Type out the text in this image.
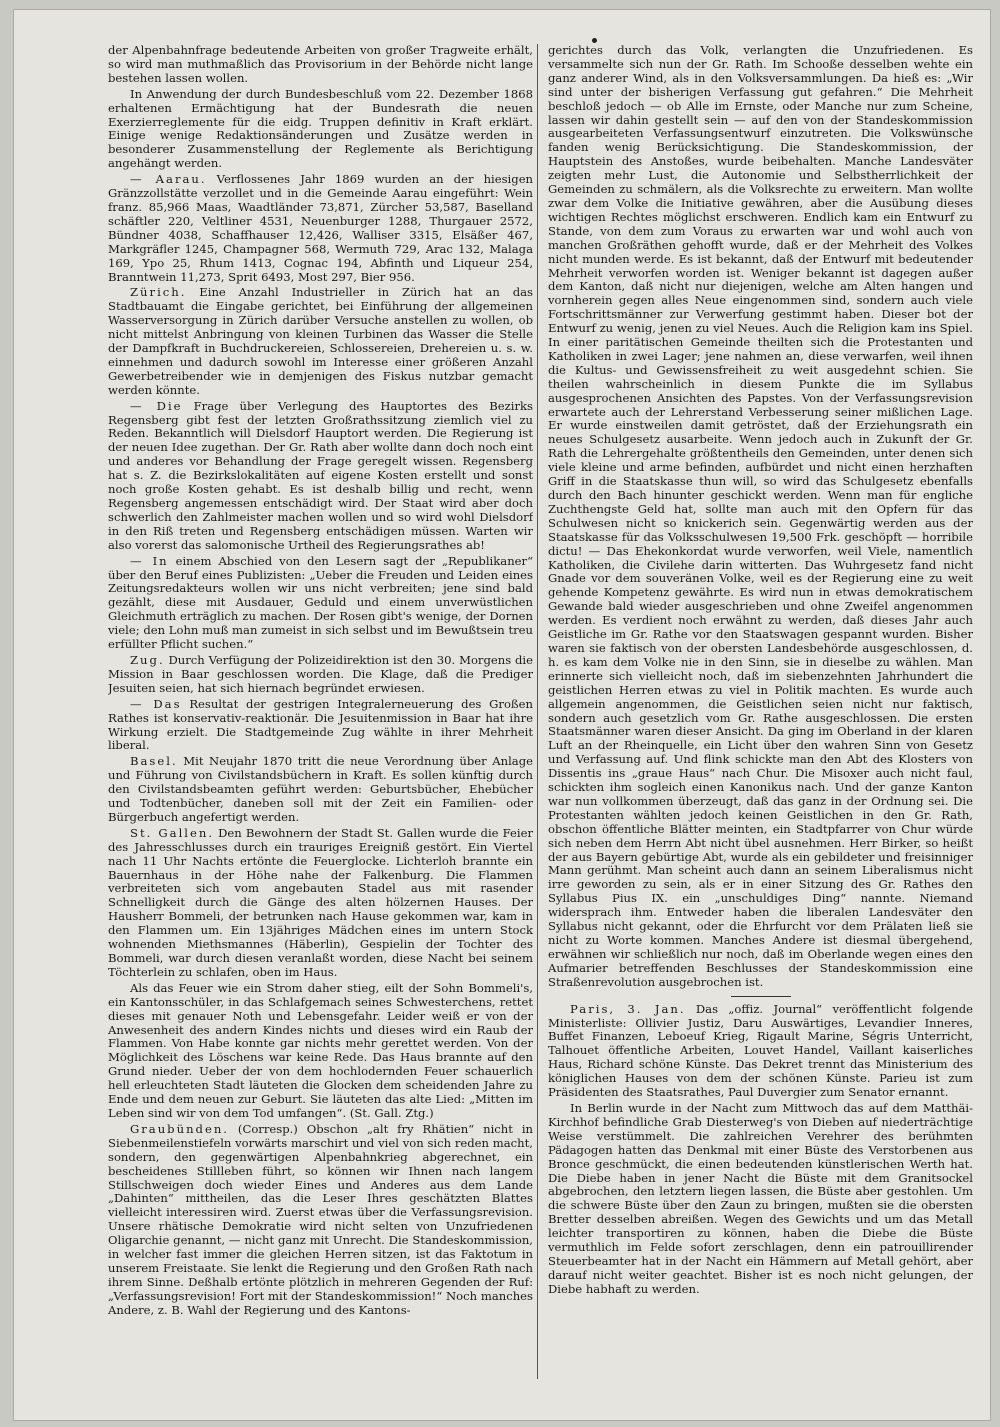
der Alpenbahnfrage bedeutende Arbeiten von großer Tragweite erhält, so wird man muthmaßlich das Provisorium in der Behörde nicht lange bestehen lassen wollen.

In Anwendung der durch Bundesbeschluß vom 22. Dezember 1868 erhaltenen Ermächtigung hat der Bundesrath die neuen Exerzierreglemente für die eidg. Truppen definitiv in Kraft erklärt. Einige wenige Redaktionsänderungen und Zusätze werden in besonderer Zusammenstellung der Reglemente als Berichtigung angehängt werden.

— Aarau. Verflossenes Jahr 1869 wurden an der hiesigen Gränzzollstätte verzollet und in die Gemeinde Aarau eingeführt: Wein franz. 85,966 Maas, Waadtländer 73,871, Zürcher 53,587, Baselland schäftler 220, Veltliner 4531, Neuenburger 1288, Thurgauer 2572, Bündner 4038, Schaffhauser 12,426, Walliser 3315, Elsäßer 467, Markgräfler 1245, Champagner 568, Wermuth 729, Arac 132, Malaga 169, Ypo 25, Rhum 1413, Cognac 194, Abfinth und Liqueur 254, Branntwein 11,273, Sprit 6493, Most 297, Bier 956.

Zürich. Eine Anzahl Industrieller in Zürich hat an das Stadtbauamt die Eingabe gerichtet, bei Einführung der allgemeinen Wasserversorgung in Zürich darüber Versuche anstellen zu wollen, ob nicht mittelst Anbringung von kleinen Turbinen das Wasser die Stelle der Dampfkraft in Buchdruckereien, Schlossereien, Drehereien u. s. w. einnehmen und dadurch sowohl im Interesse einer größeren Anzahl Gewerbetreibender wie in demjenigen des Fiskus nutzbar gemacht werden könnte.

— Die Frage über Verlegung des Hauptortes des Bezirks Regensberg gibt fest der letzten Großrathssitzung ziemlich viel zu Reden. Bekanntlich will Dielsdorf Hauptort werden. Die Regierung ist der neuen Idee zugethan. Der Gr. Rath aber wollte dann doch noch eint und anderes vor Behandlung der Frage geregelt wissen. Regensberg hat s. Z. die Bezirkslokalitäten auf eigene Kosten erstellt und sonst noch große Kosten gehabt. Es ist deshalb billig und recht, wenn Regensberg angemessen entschädigt wird. Der Staat wird aber doch schwerlich den Zahlmeister machen wollen und so wird wohl Dielsdorf in den Riß treten und Regensberg entschädigen müssen. Warten wir also vorerst das salomonische Urtheil des Regierungsrathes ab!

— In einem Abschied von den Lesern sagt der „Republikaner“ über den Beruf eines Publizisten: „Ueber die Freuden und Leiden eines Zeitungsredakteurs wollen wir uns nicht verbreiten; jene sind bald gezählt, diese mit Ausdauer, Geduld und einem unverwüstlichen Gleichmuth erträglich zu machen. Der Rosen gibt's wenige, der Dornen viele; den Lohn muß man zumeist in sich selbst und im Bewußtsein treu erfüllter Pflicht suchen.“

Zug. Durch Verfügung der Polizeidirektion ist den 30. Morgens die Mission in Baar geschlossen worden. Die Klage, daß die Prediger Jesuiten seien, hat sich hiernach begründet erwiesen.

— Das Resultat der gestrigen Integralerneuerung des Großen Rathes ist konservativ-reaktionär. Die Jesuitenmission in Baar hat ihre Wirkung erzielt. Die Stadtgemeinde Zug wählte in ihrer Mehrheit liberal.

Basel. Mit Neujahr 1870 tritt die neue Verordnung über Anlage und Führung von Civilstandsbüchern in Kraft. Es sollen künftig durch den Civilstandsbeamten geführt werden: Geburtsbücher, Ehebücher und Todtenbücher, daneben soll mit der Zeit ein Familien- oder Bürgerbuch angefertigt werden.

St. Gallen. Den Bewohnern der Stadt St. Gallen wurde die Feier des Jahresschlusses durch ein trauriges Ereigniß gestört. Ein Viertel nach 11 Uhr Nachts ertönte die Feuerglocke. Lichterloh brannte ein Bauernhaus in der Höhe nahe der Falkenburg. Die Flammen verbreiteten sich vom angebauten Stadel aus mit rasender Schnelligkeit durch die Gänge des alten hölzernen Hauses. Der Hausherr Bommeli, der betrunken nach Hause gekommen war, kam in den Flammen um. Ein 13jähriges Mädchen eines im untern Stock wohnenden Miethsmannes (Häberlin), Gespielin der Tochter des Bommeli, war durch diesen veranlaßt worden, diese Nacht bei seinem Töchterlein zu schlafen, oben im Haus.

Als das Feuer wie ein Strom daher stieg, eilt der Sohn Bommeli's, ein Kantonsschüler, in das Schlafgemach seines Schwesterchens, rettet dieses mit genauer Noth und Lebensgefahr. Leider weiß er von der Anwesenheit des andern Kindes nichts und dieses wird ein Raub der Flammen. Von Habe konnte gar nichts mehr gerettet werden. Von der Möglichkeit des Löschens war keine Rede. Das Haus brannte auf den Grund nieder. Ueber der von dem hochlodernden Feuer schauerlich hell erleuchteten Stadt läuteten die Glocken dem scheidenden Jahre zu Ende und dem neuen zur Geburt. Sie läuteten das alte Lied: „Mitten im Leben sind wir von dem Tod umfangen“. (St. Gall. Ztg.)

Graubünden. (Corresp.) Obschon „alt fry Rhätien“ nicht in Siebenmeilenstiefeln vorwärts marschirt und viel von sich reden macht, sondern, den gegenwärtigen Alpenbahnkrieg abgerechnet, ein bescheidenes Stillleben führt, so können wir Ihnen nach langem Stillschweigen doch wieder Eines und Anderes aus dem Lande „Dahinten“ mittheilen, das die Leser Ihres geschätzten Blattes vielleicht interessiren wird. Zuerst etwas über die Verfassungsrevision. Unsere rhätische Demokratie wird nicht selten von Unzufriedenen Oligarchie genannt, — nicht ganz mit Unrecht. Die Standeskommission, in welcher fast immer die gleichen Herren sitzen, ist das Faktotum in unserem Freistaate. Sie lenkt die Regierung und den Großen Rath nach ihrem Sinne. Deßhalb ertönte plötzlich in mehreren Gegenden der Ruf: „Verfassungsrevision! Fort mit der Standeskommission!“ Noch manches Andere, z. B. Wahl der Regierung und des Kantons-

gerichtes durch das Volk, verlangten die Unzufriedenen. Es versammelte sich nun der Gr. Rath. Im Schooße desselben wehte ein ganz anderer Wind, als in den Volksversammlungen. Da hieß es: „Wir sind unter der bisherigen Verfassung gut gefahren.“ Die Mehrheit beschloß jedoch — ob Alle im Ernste, oder Manche nur zum Scheine, lassen wir dahin gestellt sein — auf den von der Standeskommission ausgearbeiteten Verfassungsentwurf einzutreten. Die Volkswünsche fanden wenig Berücksichtigung. Die Standeskommission, der Hauptstein des Anstoßes, wurde beibehalten. Manche Landesväter zeigten mehr Lust, die Autonomie und Selbstherrlichkeit der Gemeinden zu schmälern, als die Volksrechte zu erweitern. Man wollte zwar dem Volke die Initiative gewähren, aber die Ausübung dieses wichtigen Rechtes möglichst erschweren. Endlich kam ein Entwurf zu Stande, von dem zum Voraus zu erwarten war und wohl auch von manchen Großräthen gehofft wurde, daß er der Mehrheit des Volkes nicht munden werde. Es ist bekannt, daß der Entwurf mit bedeutender Mehrheit verworfen worden ist. Weniger bekannt ist dagegen außer dem Kanton, daß nicht nur diejenigen, welche am Alten hangen und vornherein gegen alles Neue eingenommen sind, sondern auch viele Fortschrittsmänner zur Verwerfung gestimmt haben. Dieser bot der Entwurf zu wenig, jenen zu viel Neues. Auch die Religion kam ins Spiel. In einer paritätischen Gemeinde theilten sich die Protestanten und Katholiken in zwei Lager; jene nahmen an, diese verwarfen, weil ihnen die Kultus- und Gewissensfreiheit zu weit ausgedehnt schien. Sie theilen wahrscheinlich in diesem Punkte die im Syllabus ausgesprochenen Ansichten des Papstes. Von der Verfassungsrevision erwartete auch der Lehrerstand Verbesserung seiner mißlichen Lage. Er wurde einstweilen damit getröstet, daß der Erziehungsrath ein neues Schulgesetz ausarbeite. Wenn jedoch auch in Zukunft der Gr. Rath die Lehrergehalte größtentheils den Gemeinden, unter denen sich viele kleine und arme befinden, aufbürdet und nicht einen herzhaften Griff in die Staatskasse thun will, so wird das Schulgesetz ebenfalls durch den Bach hinunter geschickt werden. Wenn man für engliche Zuchthengste Geld hat, sollte man auch mit den Opfern für das Schulwesen nicht so knickerich sein. Gegenwärtig werden aus der Staatskasse für das Volksschulwesen 19,500 Frk. geschöpft — horribile dictu! — Das Ehekonkordat wurde verworfen, weil Viele, namentlich Katholiken, die Civilehe darin witterten. Das Wuhrgesetz fand nicht Gnade vor dem souveränen Volke, weil es der Regierung eine zu weit gehende Kompetenz gewährte. Es wird nun in etwas demokratischem Gewande bald wieder ausgeschrieben und ohne Zweifel angenommen werden. Es verdient noch erwähnt zu werden, daß dieses Jahr auch Geistliche im Gr. Rathe vor den Staatswagen gespannt wurden. Bisher waren sie faktisch von der obersten Landesbehörde ausgeschlossen, d. h. es kam dem Volke nie in den Sinn, sie in dieselbe zu wählen. Man erinnerte sich vielleicht noch, daß im siebenzehnten Jahrhundert die geistlichen Herren etwas zu viel in Politik machten. Es wurde auch allgemein angenommen, die Geistlichen seien nicht nur faktisch, sondern auch gesetzlich vom Gr. Rathe ausgeschlossen. Die ersten Staatsmänner waren dieser Ansicht. Da ging im Oberland in der klaren Luft an der Rheinquelle, ein Licht über den wahren Sinn von Gesetz und Verfassung auf. Und flink schickte man den Abt des Klosters von Dissentis ins „graue Haus“ nach Chur. Die Misoxer auch nicht faul, schickten ihm sogleich einen Kanonikus nach. Und der ganze Kanton war nun vollkommen überzeugt, daß das ganz in der Ordnung sei. Die Protestanten wählten jedoch keinen Geistlichen in den Gr. Rath, obschon öffentliche Blätter meinten, ein Stadtpfarrer von Chur würde sich neben dem Herrn Abt nicht übel ausnehmen. Herr Birker, so heißt der aus Bayern gebürtige Abt, wurde als ein gebildeter und freisinniger Mann gerühmt. Man scheint auch dann an seinem Liberalismus nicht irre geworden zu sein, als er in einer Sitzung des Gr. Rathes den Syllabus Pius IX. ein „unschuldiges Ding“ nannte. Niemand widersprach ihm. Entweder haben die liberalen Landesväter den Syllabus nicht gekannt, oder die Ehrfurcht vor dem Prälaten ließ sie nicht zu Worte kommen. Manches Andere ist diesmal übergehend, erwähnen wir schließlich nur noch, daß im Oberlande wegen eines den Aufmarier betreffenden Beschlusses der Standeskommission eine Straßenrevolution ausgebrochen ist.

Paris, 3. Jan. Das „offiz. Journal“ veröffentlicht folgende Ministerliste: Ollivier Justiz, Daru Auswärtiges, Levandier Inneres, Buffet Finanzen, Leboeuf Krieg, Rigault Marine, Ségris Unterricht, Talhouet öffentliche Arbeiten, Louvet Handel, Vaillant kaiserliches Haus, Richard schöne Künste. Das Dekret trennt das Ministerium des königlichen Hauses von dem der schönen Künste. Parieu ist zum Präsidenten des Staatsrathes, Paul Duvergier zum Senator ernannt.

In Berlin wurde in der Nacht zum Mittwoch das auf dem Matthäi-Kirchhof befindliche Grab Diesterweg's von Dieben auf niederträchtige Weise verstümmelt. Die zahlreichen Verehrer des berühmten Pädagogen hatten das Denkmal mit einer Büste des Verstorbenen aus Bronce geschmückt, die einen bedeutenden künstlerischen Werth hat. Die Diebe haben in jener Nacht die Büste mit dem Granitsockel abgebrochen, den letztern liegen lassen, die Büste aber gestohlen. Um die schwere Büste über den Zaun zu bringen, mußten sie die obersten Bretter desselben abreißen. Wegen des Gewichts und um das Metall leichter transportiren zu können, haben die Diebe die Büste vermuthlich im Felde sofort zerschlagen, denn ein patrouillirender Steuerbeamter hat in der Nacht ein Hämmern auf Metall gehört, aber darauf nicht weiter geachtet. Bisher ist es noch nicht gelungen, der Diebe habhaft zu werden.
